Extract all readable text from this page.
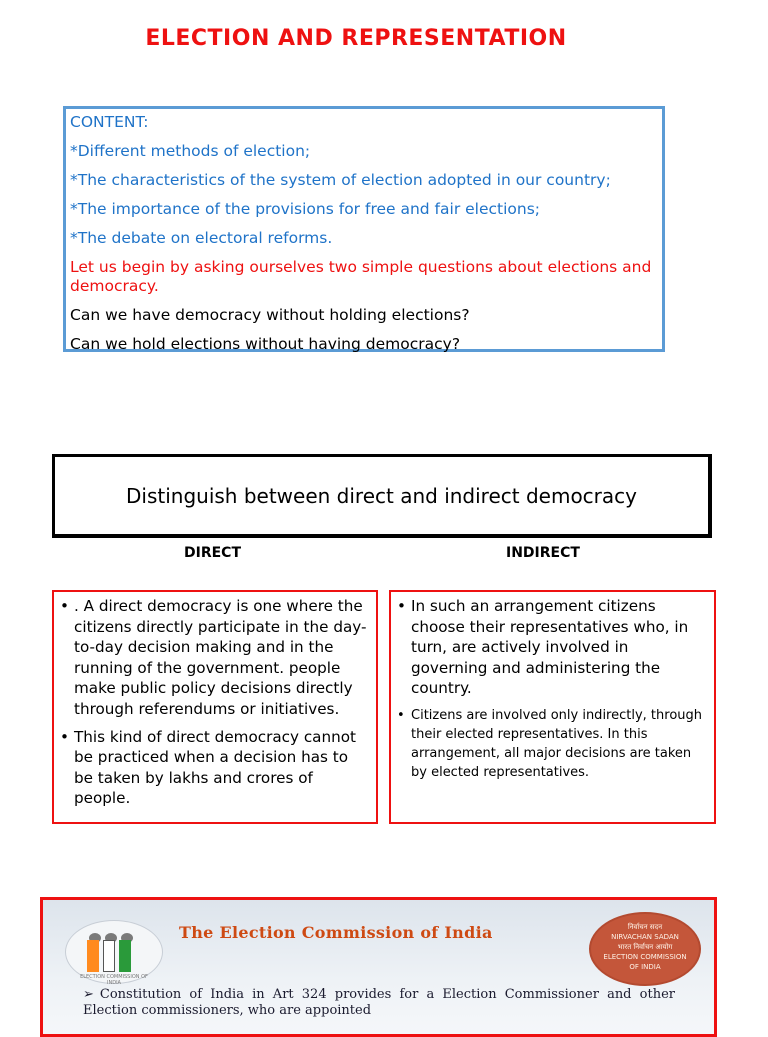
ELECTION AND REPRESENTATION

CONTENT:

*Different methods of election;

*The characteristics of the system of election adopted in our country;

*The importance of the provisions for free and fair elections;

*The debate on electoral reforms.

Let us begin by asking ourselves two simple questions about elections and democracy.

Can we have democracy without holding elections?

Can we hold elections without having democracy?

Distinguish between direct and indirect democracy
DIRECT	INDIRECT
• . A direct democracy is one where the citizens directly participate in the day-to-day decision making and in the running of the government. people make public policy decisions directly through referendums or initiatives.
• This kind of direct democracy cannot be practiced when a decision has to be taken by lakhs and crores of people.
• In such an arrangement citizens choose their representatives who, in turn, are actively involved in governing and administering the country.
• Citizens are involved only indirectly, through their elected representatives. In this arrangement, all major decisions are taken by elected representatives.
ELECTION COMMISSION OF INDIA
The Election Commission of India	निर्वाचन सदन
NIRVACHAN SADAN
भारत निर्वाचन आयोग
ELECTION COMMISSION
OF INDIA
➢ Constitution of India in Art 324 provides for a Election Commissioner and other Election commissioners, who are appointed
